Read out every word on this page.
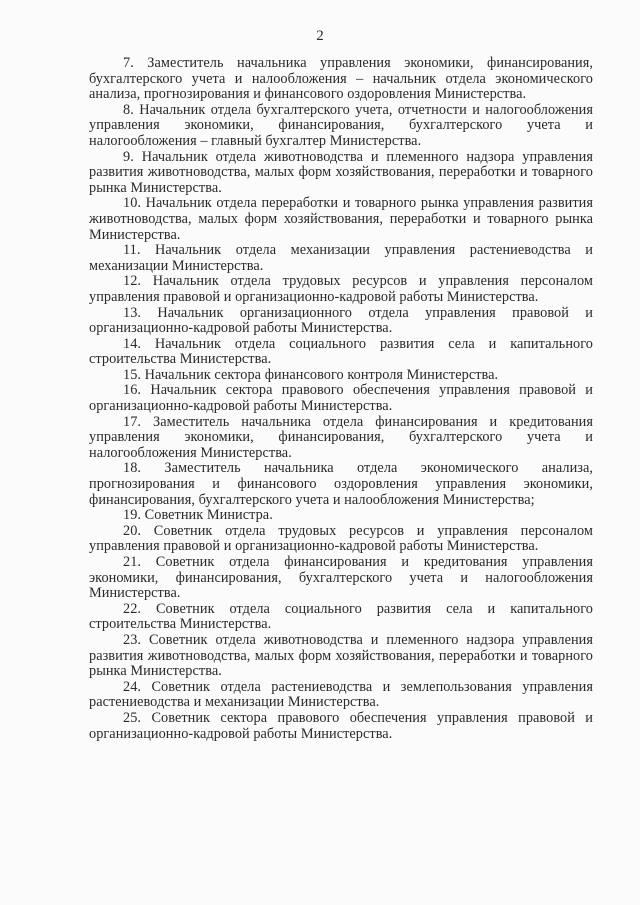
2

7. Заместитель начальника управления экономики, финансирования, бухгалтерского учета и налообложения – начальник отдела экономического анализа, прогнозирования и финансового оздоровления Министерства.

8. Начальник отдела бухгалтерского учета, отчетности и налогообложения управления экономики, финансирования, бухгалтерского учета и налогообложения – главный бухгалтер Министерства.

9. Начальник отдела животноводства и племенного надзора управления развития животноводства, малых форм хозяйствования, переработки и товарного рынка Министерства.

10. Начальник отдела переработки и товарного рынка управления развития животноводства, малых форм хозяйствования, переработки и товарного рынка Министерства.

11. Начальник отдела механизации управления растениеводства и механизации Министерства.

12. Начальник отдела трудовых ресурсов и управления персоналом управления правовой и организационно-кадровой работы Министерства.

13. Начальник организационного отдела управления правовой и организационно-кадровой работы Министерства.

14. Начальник отдела социального развития села и капитального строительства Министерства.

15. Начальник сектора финансового контроля Министерства.

16. Начальник сектора правового обеспечения управления правовой и организационно-кадровой работы Министерства.

17. Заместитель начальника отдела финансирования и кредитования управления экономики, финансирования, бухгалтерского учета и налогообложения Министерства.

18. Заместитель начальника отдела экономического анализа, прогнозирования и финансового оздоровления управления экономики, финансирования, бухгалтерского учета и налообложения Министерства;

19. Советник Министра.

20. Советник отдела трудовых ресурсов и управления персоналом управления правовой и организационно-кадровой работы Министерства.

21. Советник отдела финансирования и кредитования управления экономики, финансирования, бухгалтерского учета и налогообложения Министерства.

22. Советник отдела социального развития села и капитального строительства Министерства.

23. Советник отдела животноводства и племенного надзора управления развития животноводства, малых форм хозяйствования, переработки и товарного рынка Министерства.

24. Советник отдела растениеводства и землепользования управления растениеводства и механизации Министерства.

25. Советник сектора правового обеспечения управления правовой и организационно-кадровой работы Министерства.
